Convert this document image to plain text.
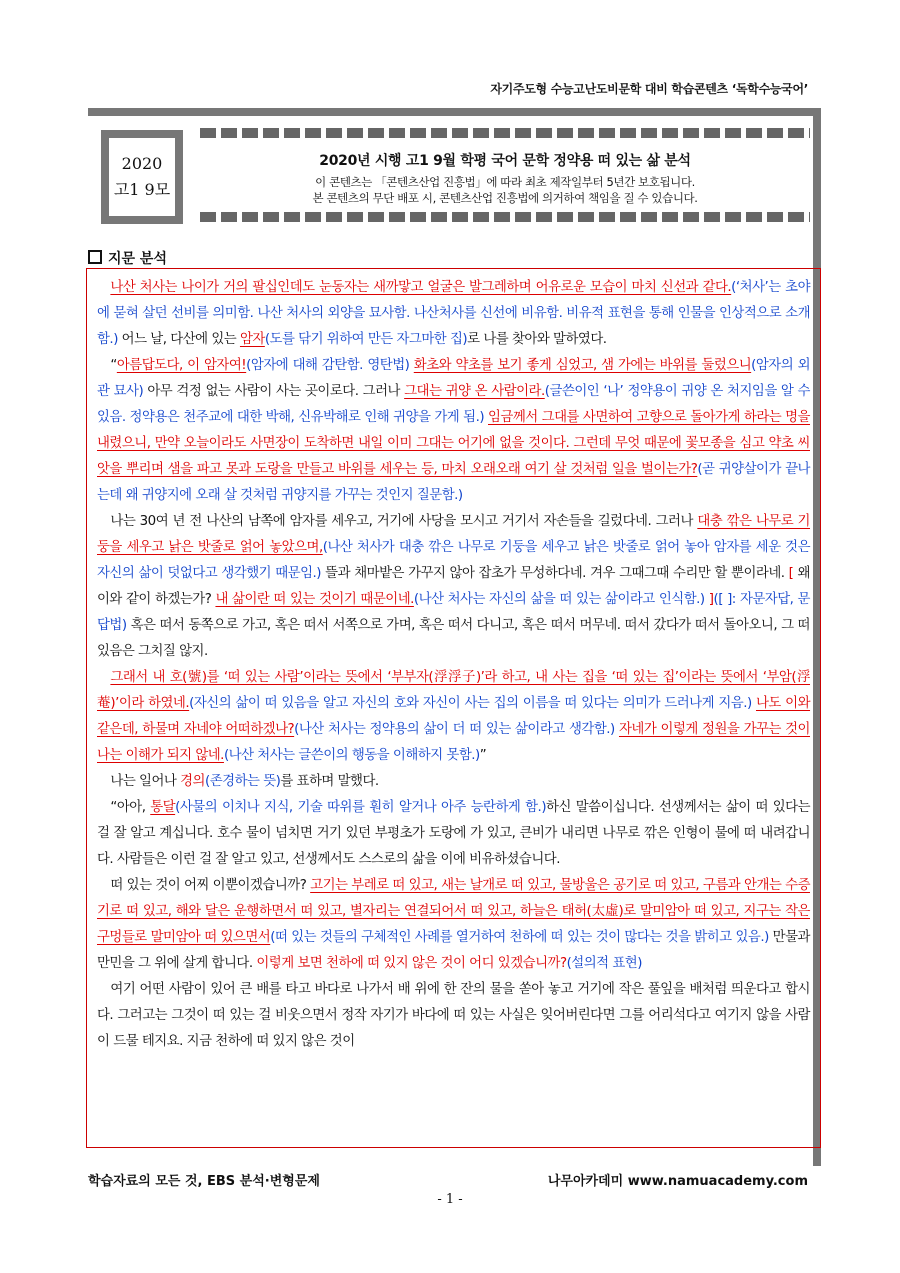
자기주도형 수능고난도비문학 대비 학습콘텐츠 ‘독학수능국어’
2020
고1 9모
2020년 시행 고1 9월 학평 국어 문학 정약용 떠 있는 삶 분석
이 콘텐츠는 「콘텐츠산업 진흥법」에 따라 최초 제작일부터 5년간 보호됩니다.
본 콘텐츠의 무단 배포 시, 콘텐츠산업 진흥법에 의거하여 책임을 질 수 있습니다.
지문 분석

나산 처사는 나이가 거의 팔십인데도 눈동자는 새까맣고 얼굴은 발그레하며 어유로운 모습이 마치 신선과 같다.(‘처사’는 초야에 묻혀 살던 선비를 의미함. 나산 처사의 외양을 묘사함. 나산처사를 신선에 비유함. 비유적 표현을 통해 인물을 인상적으로 소개함.) 어느 날, 다산에 있는 암자(도를 닦기 위하여 만든 자그마한 집)로 나를 찾아와 말하였다.

“아름답도다, 이 암자여!(암자에 대해 감탄함. 영탄법) 화초와 약초를 보기 좋게 심었고, 샘 가에는 바위를 둘렀으니(암자의 외관 묘사) 아무 걱정 없는 사람이 사는 곳이로다. 그러나 그대는 귀양 온 사람이라.(글쓴이인 ‘나’ 정약용이 귀양 온 처지임을 알 수 있음. 정약용은 천주교에 대한 박해, 신유박해로 인해 귀양을 가게 됨.) 임금께서 그대를 사면하여 고향으로 돌아가게 하라는 명을 내렸으니, 만약 오늘이라도 사면장이 도착하면 내일 이미 그대는 어기에 없을 것이다. 그런데 무엇 때문에 꽃모종을 심고 약초 씨앗을 뿌리며 샘을 파고 못과 도랑을 만들고 바위를 세우는 등, 마치 오래오래 여기 살 것처럼 일을 벌이는가?(곧 귀양살이가 끝나는데 왜 귀양지에 오래 살 것처럼 귀양지를 가꾸는 것인지 질문함.)

나는 30여 년 전 나산의 남쪽에 암자를 세우고, 거기에 사당을 모시고 거기서 자손들을 길렀다네. 그러나 대충 깎은 나무로 기둥을 세우고 낡은 밧줄로 얽어 놓았으며,(나산 처사가 대충 깎은 나무로 기둥을 세우고 낡은 밧줄로 얽어 놓아 암자를 세운 것은 자신의 삶이 덧없다고 생각했기 때문임.) 뜰과 채마밭은 가꾸지 않아 잡초가 무성하다네. 겨우 그때그때 수리만 할 뿐이라네. [ 왜 이와 같이 하겠는가? 내 삶이란 떠 있는 것이기 때문이네.(나산 처사는 자신의 삶을 떠 있는 삶이라고 인식함.) ]([ ]: 자문자답, 문답법) 혹은 떠서 동쪽으로 가고, 혹은 떠서 서쪽으로 가며, 혹은 떠서 다니고, 혹은 떠서 머무네. 떠서 갔다가 떠서 돌아오니, 그 떠 있음은 그치질 않지.

그래서 내 호(號)를 ‘떠 있는 사람’이라는 뜻에서 ‘부부자(浮浮子)’라 하고, 내 사는 집을 ‘떠 있는 집’이라는 뜻에서 ‘부암(浮菴)’이라 하였네.(자신의 삶이 떠 있음을 알고 자신의 호와 자신이 사는 집의 이름을 떠 있다는 의미가 드러나게 지음.) 나도 이와 같은데, 하물며 자네야 어떠하겠나?(나산 처사는 정약용의 삶이 더 떠 있는 삶이라고 생각함.) 자네가 이렇게 정원을 가꾸는 것이 나는 이해가 되지 않네.(나산 처사는 글쓴이의 행동을 이해하지 못함.)”

나는 일어나 경의(존경하는 뜻)를 표하며 말했다.

“아아, 통달(사물의 이치나 지식, 기술 따위를 훤히 알거나 아주 능란하게 함.)하신 말씀이십니다. 선생께서는 삶이 떠 있다는 걸 잘 알고 계십니다. 호수 물이 넘치면 거기 있던 부평초가 도랑에 가 있고, 큰비가 내리면 나무로 깎은 인형이 물에 떠 내려갑니다. 사람들은 이런 걸 잘 알고 있고, 선생께서도 스스로의 삶을 이에 비유하셨습니다.

떠 있는 것이 어찌 이뿐이겠습니까? 고기는 부레로 떠 있고, 새는 날개로 떠 있고, 물방울은 공기로 떠 있고, 구름과 안개는 수증기로 떠 있고, 해와 달은 운행하면서 떠 있고, 별자리는 연결되어서 떠 있고, 하늘은 태허(太虛)로 말미암아 떠 있고, 지구는 작은 구멍들로 말미암아 떠 있으면서(떠 있는 것들의 구체적인 사례를 열거하여 천하에 떠 있는 것이 많다는 것을 밝히고 있음.) 만물과 만민을 그 위에 살게 합니다. 이렇게 보면 천하에 떠 있지 않은 것이 어디 있겠습니까?(설의적 표현)

여기 어떤 사람이 있어 큰 배를 타고 바다로 나가서 배 위에 한 잔의 물을 쏟아 놓고 거기에 작은 풀잎을 배처럼 띄운다고 합시다. 그러고는 그것이 떠 있는 걸 비웃으면서 정작 자기가 바다에 떠 있는 사실은 잊어버린다면 그를 어리석다고 여기지 않을 사람이 드물 테지요. 지금 천하에 떠 있지 않은 것이

학습자료의 모든 것, EBS 분석·변형문제	나무아카데미 www.namuacademy.com
- 1 -
